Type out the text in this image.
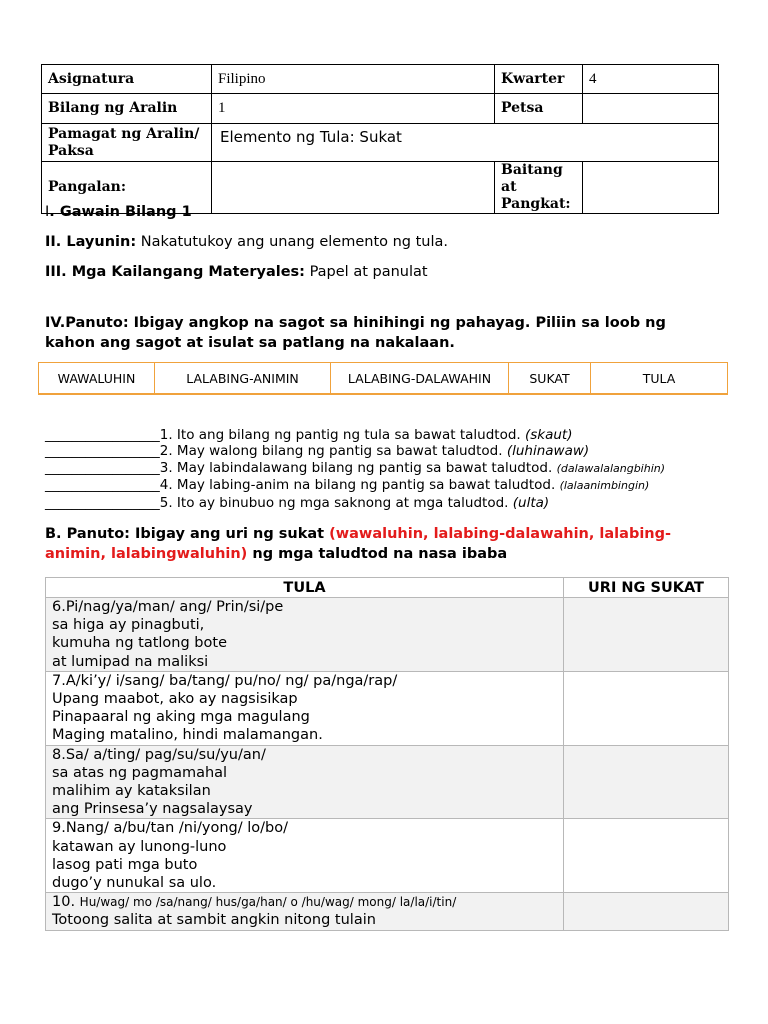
Asignatura	Filipino	Kwarter	4
Bilang ng Aralin	1	Petsa	

Pamagat ng Aralin/
Paksa	Elemento ng Tula: Sukat		
Pangalan:		Baitang at
Pangkat:	

I. Gawain Bilang 1
II. Layunin: Nakatutukoy ang unang elemento ng tula.
III. Mga Kailangang Materyales: Papel at panulat
IV.Panuto: Ibigay angkop na sagot sa hinihingi ng pahayag. Piliin sa loob ng
kahon ang sagot at isulat sa patlang na nakalaan.
WAWALUHIN	LALABING-ANIMIN	LALABING-DALAWAHIN	SUKAT	TULA
_________________1. Ito ang bilang ng pantig ng tula sa bawat taludtod. (skaut)
_________________2. May walong bilang ng pantig sa bawat taludtod. (luhinawaw)
_________________3. May labindalawang bilang ng pantig sa bawat taludtod. (dalawalalangbihin)
_________________4. May labing-anim na bilang ng pantig sa bawat taludtod. (lalaanimbingin)
_________________5. Ito ay binubuo ng mga saknong at mga taludtod. (ulta)
B. Panuto: Ibigay ang uri ng sukat (wawaluhin, lalabing-dalawahin, lalabing-
animin, lalabingwaluhin) ng mga taludtod na nasa ibaba
TULA	URI NG SUKAT

6.Pi/nag/ya/man/ ang/ Prin/si/pe
sa higa ay pinagbuti,
kumuha ng tatlong bote
at lumipad na maliksi	

7.A/ki’y/ i/sang/ ba/tang/ pu/no/ ng/ pa/nga/rap/
Upang maabot, ako ay nagsisikap
Pinapaaral ng aking mga magulang
Maging matalino, hindi malamangan.	

8.Sa/ a/ting/ pag/su/su/yu/an/
sa atas ng pagmamahal
malihim ay kataksilan
ang Prinsesa’y nagsalaysay	

9.Nang/ a/bu/tan /ni/yong/ lo/bo/
katawan ay lunong-luno
lasog pati mga buto
dugo’y nunukal sa ulo.	

10. Hu/wag/ mo /sa/nang/ hus/ga/han/ o /hu/wag/ mong/ la/la/i/tin/
Totoong salita at sambit angkin nitong tulain	
